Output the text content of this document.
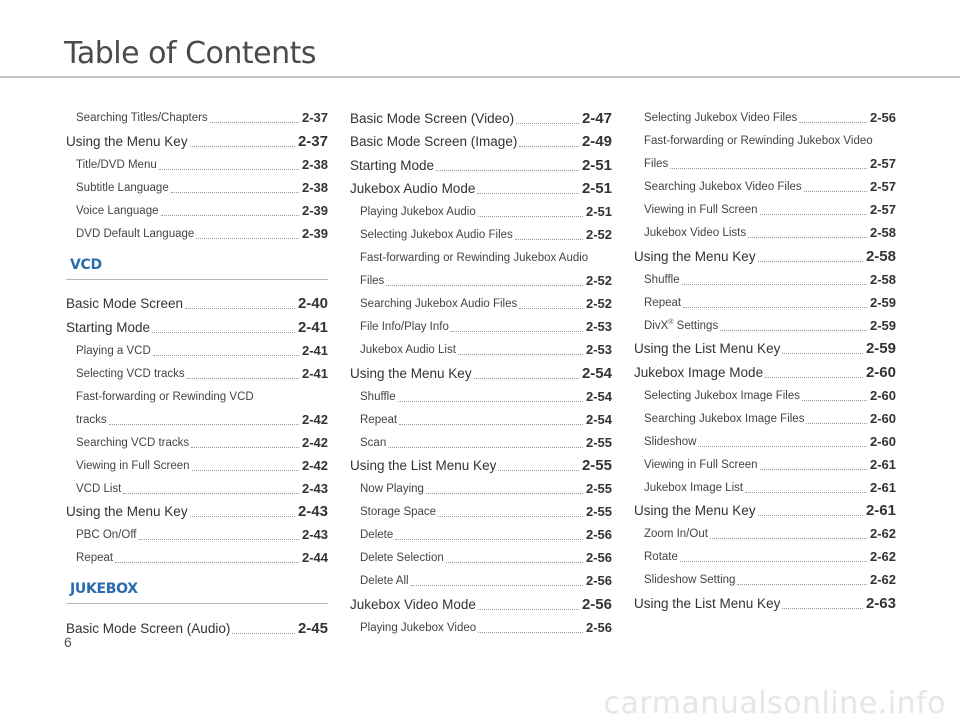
Table of Contents
Searching Titles/Chapters	2-37
Using the Menu Key	2-37
Title/DVD Menu	2-38
Subtitle Language	2-38
Voice Language	2-39
DVD Default Language	2-39
VCD
Basic Mode Screen	2-40
Starting Mode	2-41
Playing a VCD	2-41
Selecting VCD tracks	2-41
Fast-forwarding or Rewinding VCD
tracks	2-42
Searching VCD tracks	2-42
Viewing in Full Screen	2-42
VCD List	2-43
Using the Menu Key	2-43
PBC On/Off	2-43
Repeat	2-44
JUKEBOX
Basic Mode Screen (Audio)	2-45
Basic Mode Screen (Video)	2-47
Basic Mode Screen (Image)	2-49
Starting Mode	2-51
Jukebox Audio Mode	2-51
Playing Jukebox Audio	2-51
Selecting Jukebox Audio Files	2-52
Fast-forwarding or Rewinding Jukebox Audio
Files	2-52
Searching Jukebox Audio Files	2-52
File Info/Play Info	2-53
Jukebox Audio List	2-53
Using the Menu Key	2-54
Shuffle	2-54
Repeat	2-54
Scan	2-55
Using the List Menu Key	2-55
Now Playing	2-55
Storage Space	2-55
Delete	2-56
Delete Selection	2-56
Delete All	2-56
Jukebox Video Mode	2-56
Playing Jukebox Video	2-56
Selecting Jukebox Video Files	2-56
Fast-forwarding or Rewinding Jukebox Video
Files	2-57
Searching Jukebox Video Files	2-57
Viewing in Full Screen	2-57
Jukebox Video Lists	2-58
Using the Menu Key	2-58
Shuffle	2-58
Repeat	2-59
DivX® Settings	2-59
Using the List Menu Key	2-59
Jukebox Image Mode	2-60
Selecting Jukebox Image Files	2-60
Searching Jukebox Image Files	2-60
Slideshow	2-60
Viewing in Full Screen	2-61
Jukebox Image List	2-61
Using the Menu Key	2-61
Zoom In/Out	2-62
Rotate	2-62
Slideshow Setting	2-62
Using the List Menu Key	2-63
6
carmanualsonline.info
